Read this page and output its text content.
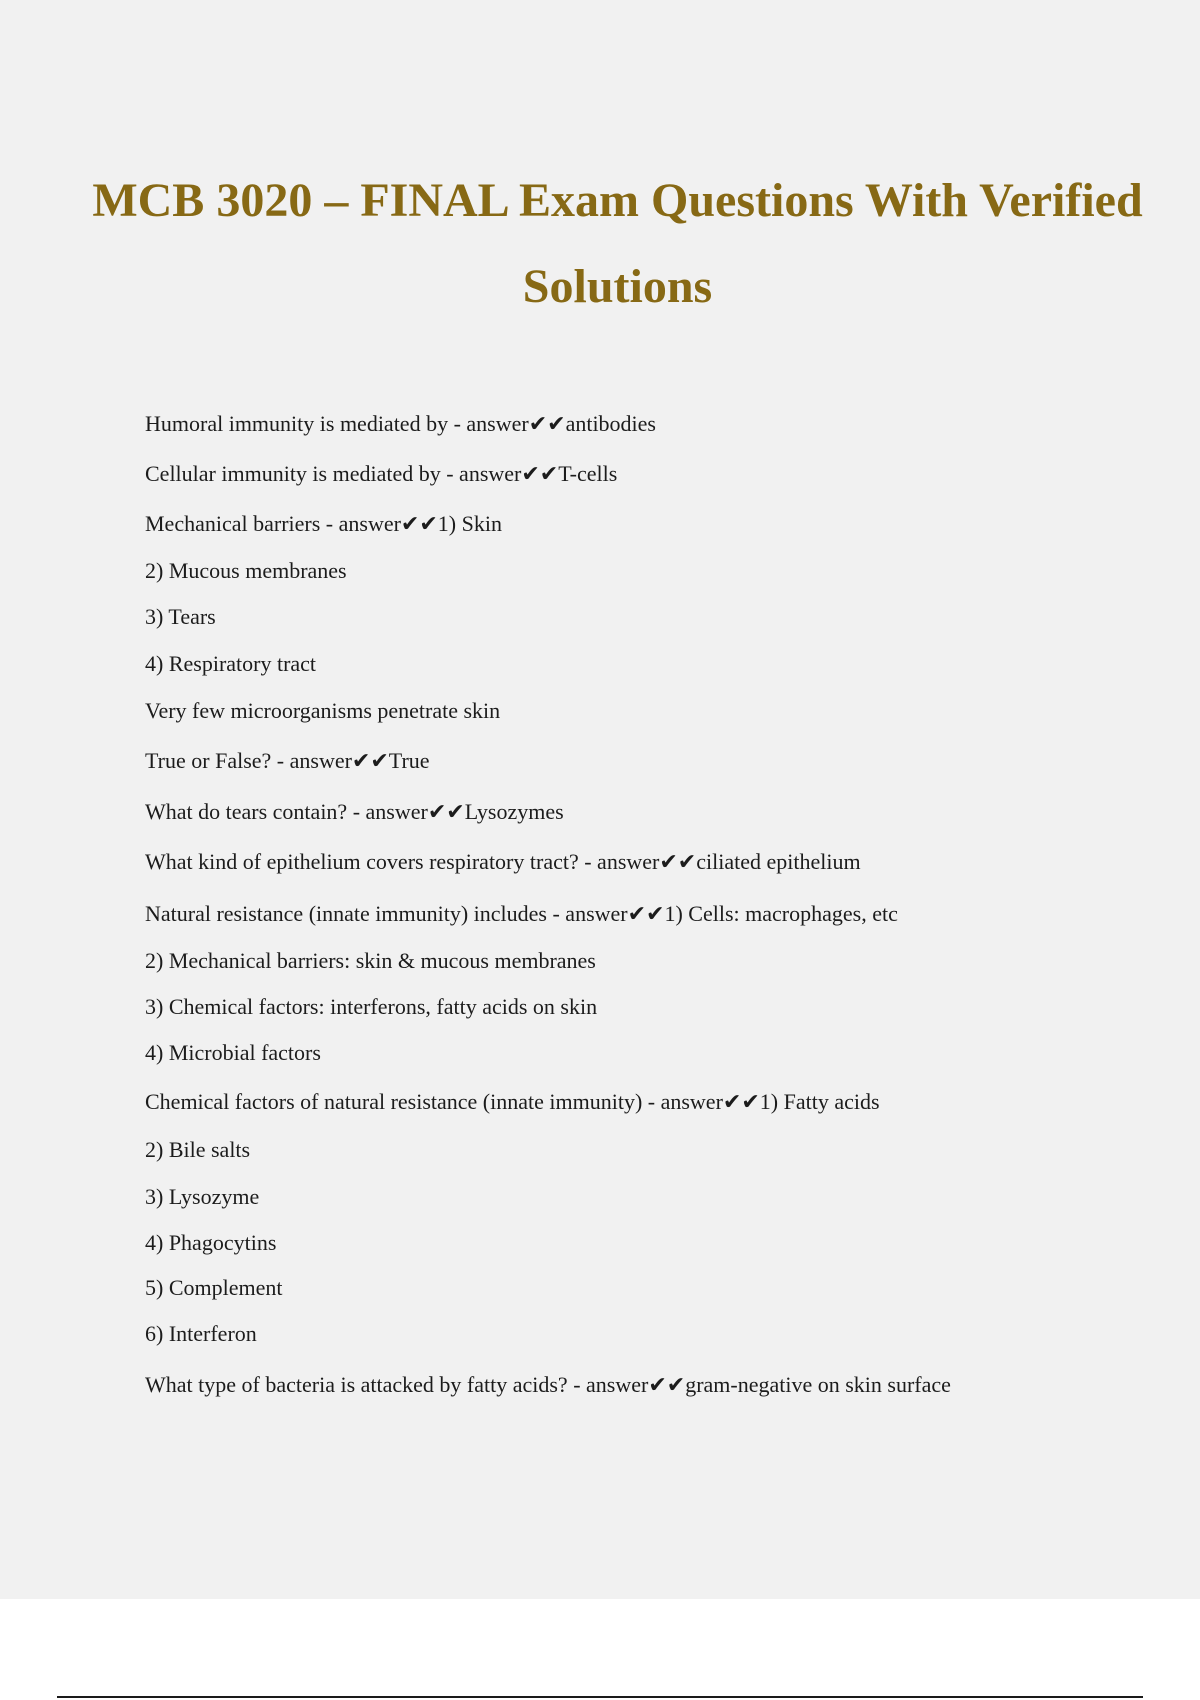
MCB 3020 – FINAL Exam Questions With Verified Solutions
Humoral immunity is mediated by - answer✔✔antibodies
Cellular immunity is mediated by - answer✔✔T-cells
Mechanical barriers - answer✔✔1) Skin
2) Mucous membranes
3) Tears
4) Respiratory tract
Very few microorganisms penetrate skin
True or False? - answer✔✔True
What do tears contain? - answer✔✔Lysozymes
What kind of epithelium covers respiratory tract? - answer✔✔ciliated epithelium
Natural resistance (innate immunity) includes - answer✔✔1) Cells: macrophages, etc
2) Mechanical barriers: skin & mucous membranes
3) Chemical factors: interferons, fatty acids on skin
4) Microbial factors
Chemical factors of natural resistance (innate immunity) - answer✔✔1) Fatty acids
2) Bile salts
3) Lysozyme
4) Phagocytins
5) Complement
6) Interferon
What type of bacteria is attacked by fatty acids? - answer✔✔gram-negative on skin surface
